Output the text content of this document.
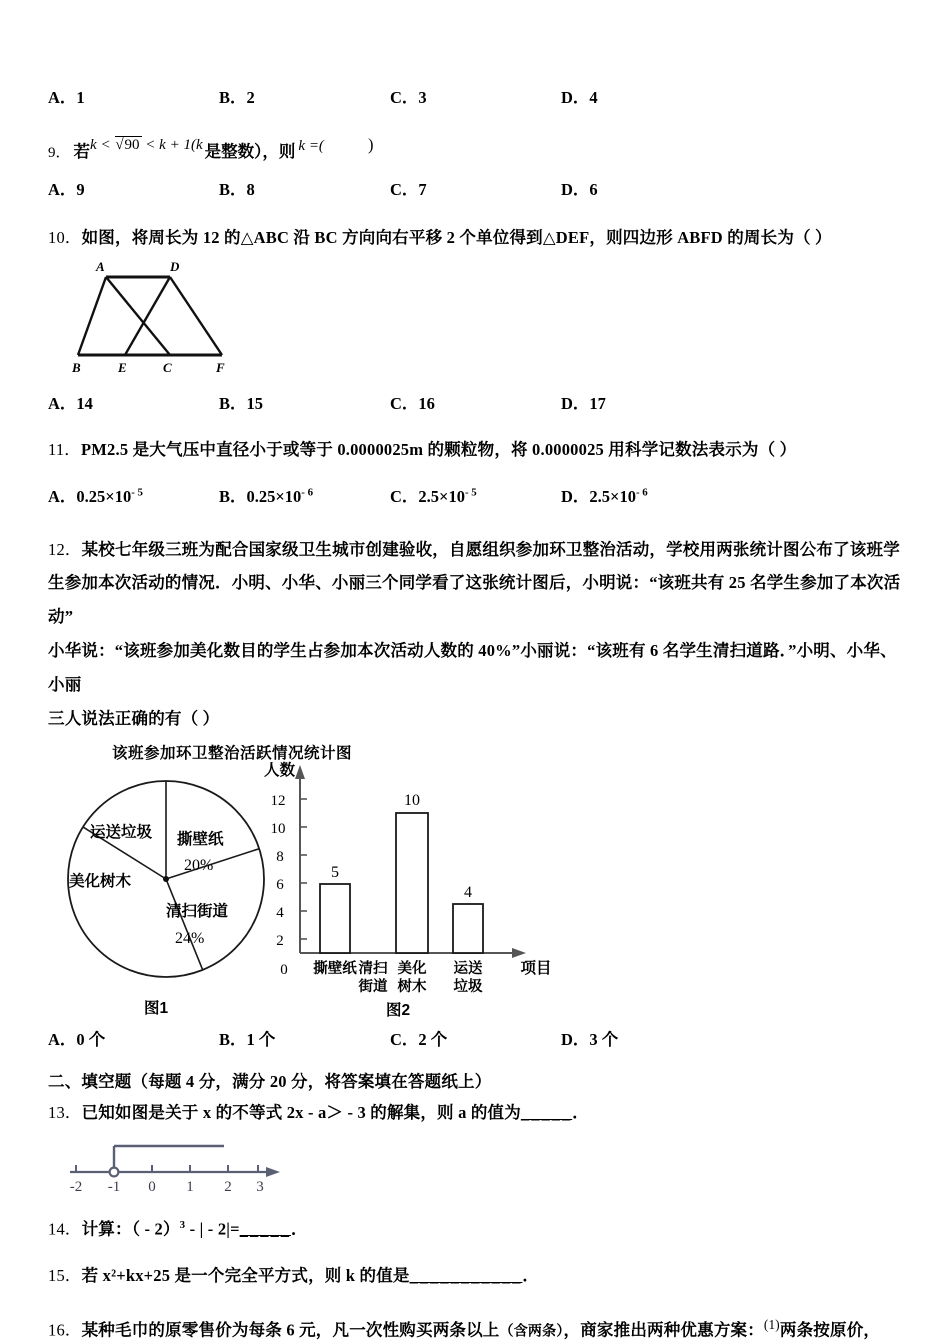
A．1	B．2	C．3	D．4
9． 若 k < √90 < k + 1(k 是整数），则 k =(	)
A．9	B．8	C．7	D．6
10．如图，将周长为 12 的△ABC 沿 BC 方向向右平移 2 个单位得到△DEF，则四边形 ABFD 的周长为（ ）
A	D
B	E	C	F
A．14	B．15	C．16	D．17
11．PM2.5 是大气压中直径小于或等于 0.0000025m 的颗粒物，将 0.0000025 用科学记数法表示为（ ）
A．$0.25\times 10^{- 5}$	B．$0.25\times 10^{- 6}$	C．$2.5\times 10^{- 5}$	D．$2.5\times 10^{- 6}$
12．某校七年级三班为配合国家级卫生城市创建验收，自愿组织参加环卫整治活动，学校用两张统计图公布了该班学
生参加本次活动的情况．小明、小华、小丽三个同学看了这张统计图后，小明说：“该班共有 25 名学生参加了本次活动”
小华说：“该班参加美化数目的学生占参加本次活动人数的 40%”小丽说：“该班有 6 名学生清扫道路．”小明、小华、小丽
三人说法正确的有（ ）
该班参加环卫整治活跃情况统计图
撕壁纸
20%
清扫街道
24%
美化树木
运送垃圾
图1
2
4
6
8
10
12
0
人数
5
10
4
撕壁纸 清扫
街道
美化
树木
运送
垃圾
项目
图2
A．0 个	B．1 个	C．2 个	D．3 个
二、填空题（每题 4 分，满分 20 分，将答案填在答题纸上）
13．已知如图是关于 x 的不等式 2x - a＞ - 3 的解集，则 a 的值为_____．
-2 -1 0 1 2 3
14．计算：（ - 2）$^3$ - | - 2|=_____．
15．若 x²+kx+25 是一个完全平方式，则 k 的值是___________．
16．某种毛巾的原零售价为每条 6 元，凡一次性购买两条以上（含两条），商家推出两种优惠方案：$^{(1)}$两条按原价，
